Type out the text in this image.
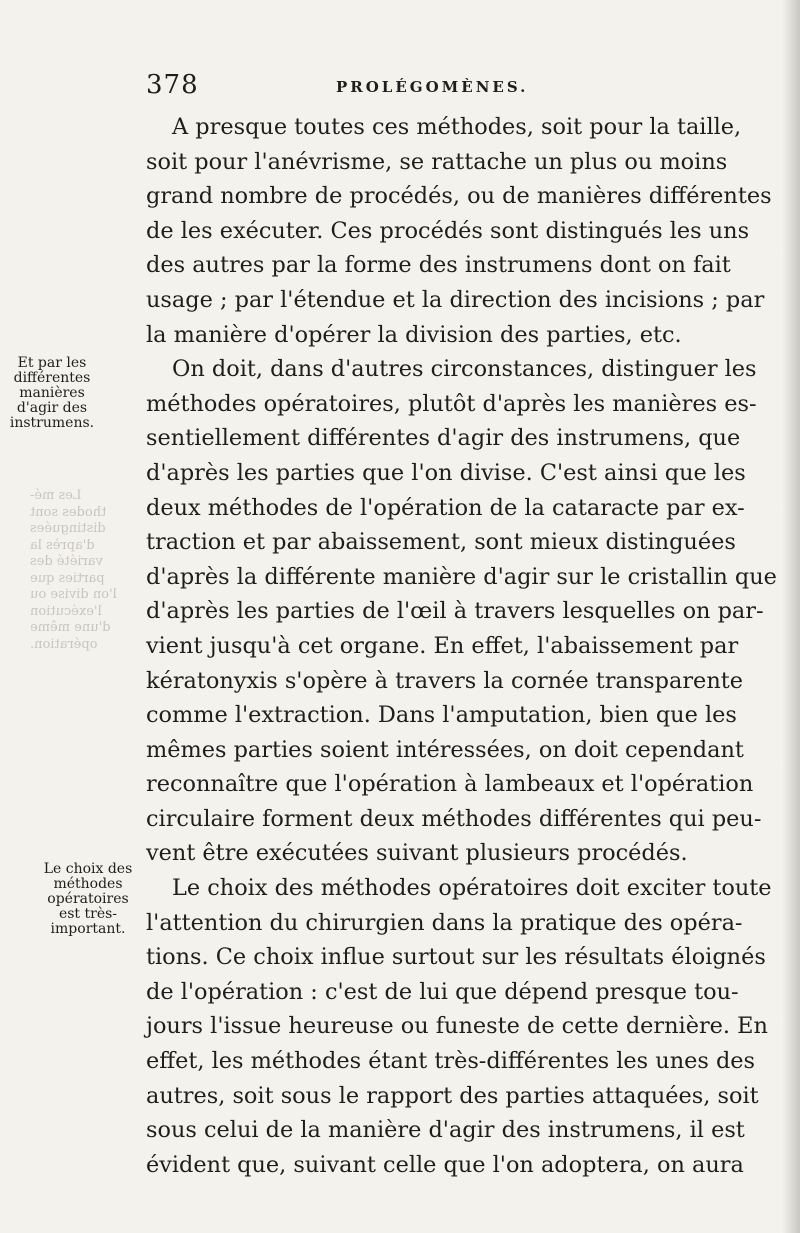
378	PROLÉGOMÈNES.
Les mé-
thodes sont
distinguées
d'après la
variété des
parties que
l'on divise ou
l'exécution
d'une même
opération.
Et par les différentes manières d'agir des instrumens.
Le choix des méthodes opératoires est très-important.
A presque toutes ces méthodes, soit pour la taille,
soit pour l'anévrisme, se rattache un plus ou moins
grand nombre de procédés, ou de manières différentes
de les exécuter. Ces procédés sont distingués les uns
des autres par la forme des instrumens dont on fait
usage ; par l'étendue et la direction des incisions ; par
la manière d'opérer la division des parties, etc.
On doit, dans d'autres circonstances, distinguer les
méthodes opératoires, plutôt d'après les manières es-
sentiellement différentes d'agir des instrumens, que
d'après les parties que l'on divise. C'est ainsi que les
deux méthodes de l'opération de la cataracte par ex-
traction et par abaissement, sont mieux distinguées
d'après la différente manière d'agir sur le cristallin que
d'après les parties de l'œil à travers lesquelles on par-
vient jusqu'à cet organe. En effet, l'abaissement par
kératonyxis s'opère à travers la cornée transparente
comme l'extraction. Dans l'amputation, bien que les
mêmes parties soient intéressées, on doit cependant
reconnaître que l'opération à lambeaux et l'opération
circulaire forment deux méthodes différentes qui peu-
vent être exécutées suivant plusieurs procédés.
Le choix des méthodes opératoires doit exciter toute
l'attention du chirurgien dans la pratique des opéra-
tions. Ce choix influe surtout sur les résultats éloignés
de l'opération : c'est de lui que dépend presque tou-
jours l'issue heureuse ou funeste de cette dernière. En
effet, les méthodes étant très-différentes les unes des
autres, soit sous le rapport des parties attaquées, soit
sous celui de la manière d'agir des instrumens, il est
évident que, suivant celle que l'on adoptera, on aura
